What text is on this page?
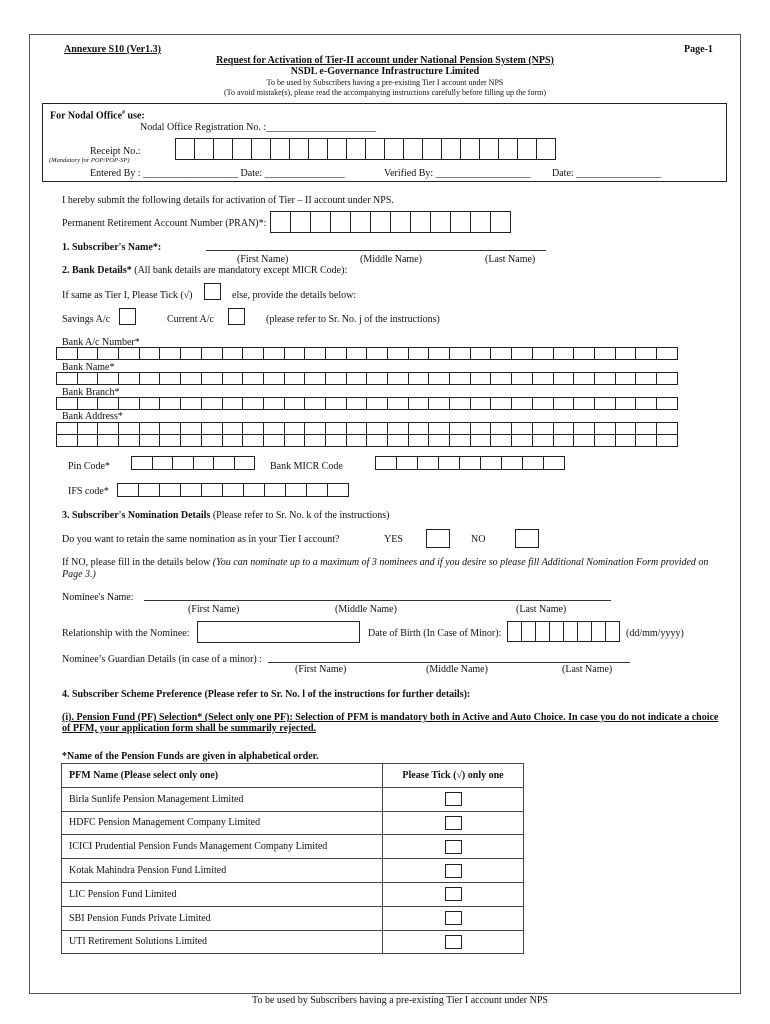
Annexure S10 (Ver1.3)	Page-1
Request for Activation of Tier-II account under National Pension System (NPS)
NSDL e-Governance Infrastructure Limited
To be used by Subscribers having a pre-existing Tier I account under NPS
(To avoid mistake(s), please read the accompanying instructions carefully before filling up the form)
For Nodal Office# use:
Nodal Office Registration No. :______________________
Receipt No.:
(Mandatory for POP/POP-SP)
Entered By : ___________________ Date: ________________	Verified By: ___________________ Date: _________________
I hereby submit the following details for activation of Tier – II account under NPS.
Permanent Retirement Account Number (PRAN)*:
1. Subscriber's Name*:
(First Name)	(Middle Name)	(Last Name)
2. Bank Details* (All bank details are mandatory except MICR Code):
If same as Tier I, Please Tick (√)	else, provide the details below:
Savings A/c	Current A/c	(please refer to Sr. No. j of the instructions)
Bank A/c Number*
Bank Name*
Bank Branch*
Bank Address*
Pin Code*	Bank MICR Code
IFS code*
3. Subscriber's Nomination Details (Please refer to Sr. No. k of the instructions)
Do you want to retain the same nomination as in your Tier I account?	YES	NO
If NO, please fill in the details below (You can nominate up to a maximum of 3 nominees and if you desire so please fill Additional Nomination Form provided on Page 3.)
Nominee's Name:
(First Name)	(Middle Name)	(Last Name)
Relationship with the Nominee:	Date of Birth (In Case of Minor):	(dd/mm/yyyy)
Nominee’s Guardian Details (in case of a minor) :
(First Name)	(Middle Name)	(Last Name)
4. Subscriber Scheme Preference (Please refer to Sr. No. l of the instructions for further details):
(i). Pension Fund (PF) Selection* (Select only one PF): Selection of PFM is mandatory both in Active and Auto Choice. In case you do not indicate a choice of PFM, your application form shall be summarily rejected.
*Name of the Pension Funds are given in alphabetical order.
PFM Name (Please select only one)	Please Tick (√) only one
Birla Sunlife Pension Management Limited	
HDFC Pension Management Company Limited	
ICICI Prudential Pension Funds Management Company Limited	
Kotak Mahindra Pension Fund Limited	
LIC Pension Fund Limited	
SBI Pension Funds Private Limited	
UTI Retirement Solutions Limited	
To be used by Subscribers having a pre-existing Tier I account under NPS
